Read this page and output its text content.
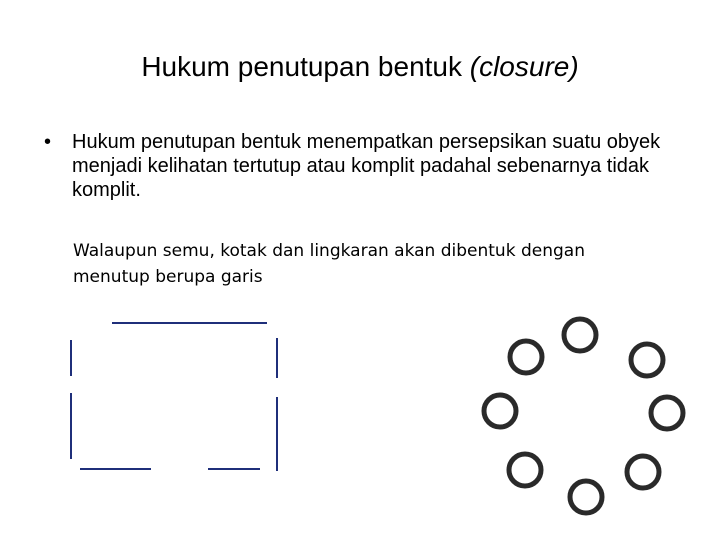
Hukum penutupan bentuk (closure)
•	Hukum penutupan bentuk menempatkan persepsikan suatu obyek menjadi kelihatan tertutup atau komplit padahal sebenarnya tidak komplit.
Walaupun semu, kotak dan lingkaran akan dibentuk dengan menutup berupa garis
